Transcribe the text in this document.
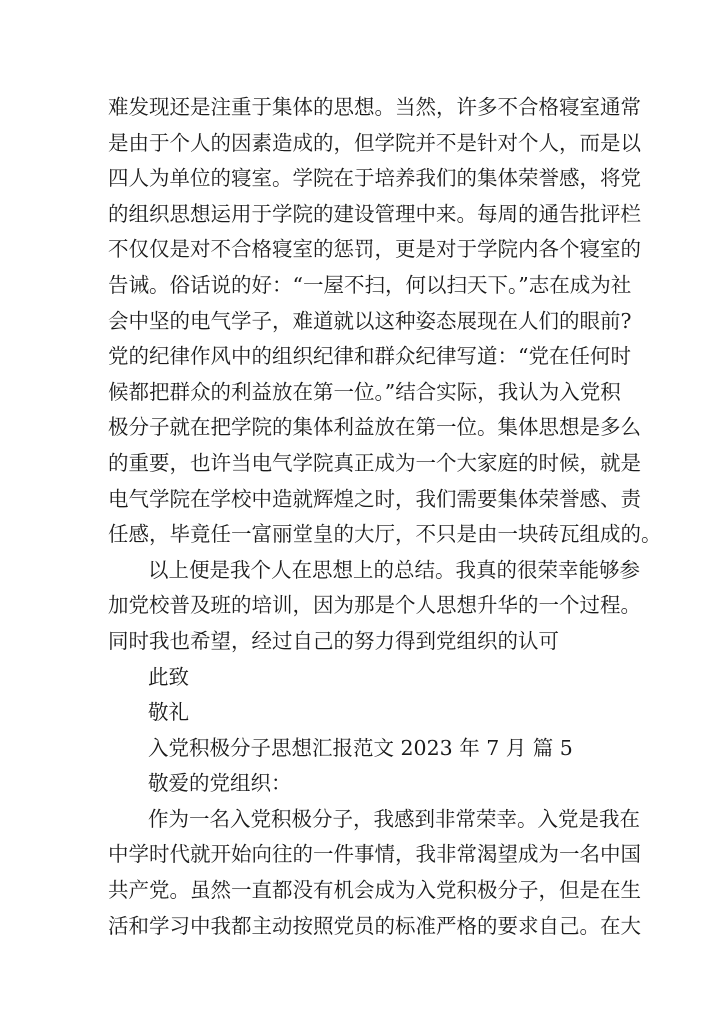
难发现还是注重于集体的思想。当然，许多不合格寝室通常
是由于个人的因素造成的，但学院并不是针对个人，而是以
四人为单位的寝室。学院在于培养我们的集体荣誉感，将党
的组织思想运用于学院的建设管理中来。每周的通告批评栏
不仅仅是对不合格寝室的惩罚，更是对于学院内各个寝室的
告诫。俗话说的好：“一屋不扫，何以扫天下。”志在成为社
会中坚的电气学子，难道就以这种姿态展现在人们的眼前?
党的纪律作风中的组织纪律和群众纪律写道：“党在任何时
候都把群众的利益放在第一位。”结合实际，我认为入党积
极分子就在把学院的集体利益放在第一位。集体思想是多么
的重要，也许当电气学院真正成为一个大家庭的时候，就是
电气学院在学校中造就辉煌之时，我们需要集体荣誉感、责
任感，毕竟任一富丽堂皇的大厅，不只是由一块砖瓦组成的。
以上便是我个人在思想上的总结。我真的很荣幸能够参
加党校普及班的培训，因为那是个人思想升华的一个过程。
同时我也希望，经过自己的努力得到党组织的认可
此致
敬礼
入党积极分子思想汇报范文 2023 年 7 月 篇 5
敬爱的党组织：
作为一名入党积极分子，我感到非常荣幸。入党是我在
中学时代就开始向往的一件事情，我非常渴望成为一名中国
共产党。虽然一直都没有机会成为入党积极分子，但是在生
活和学习中我都主动按照党员的标准严格的要求自己。在大
